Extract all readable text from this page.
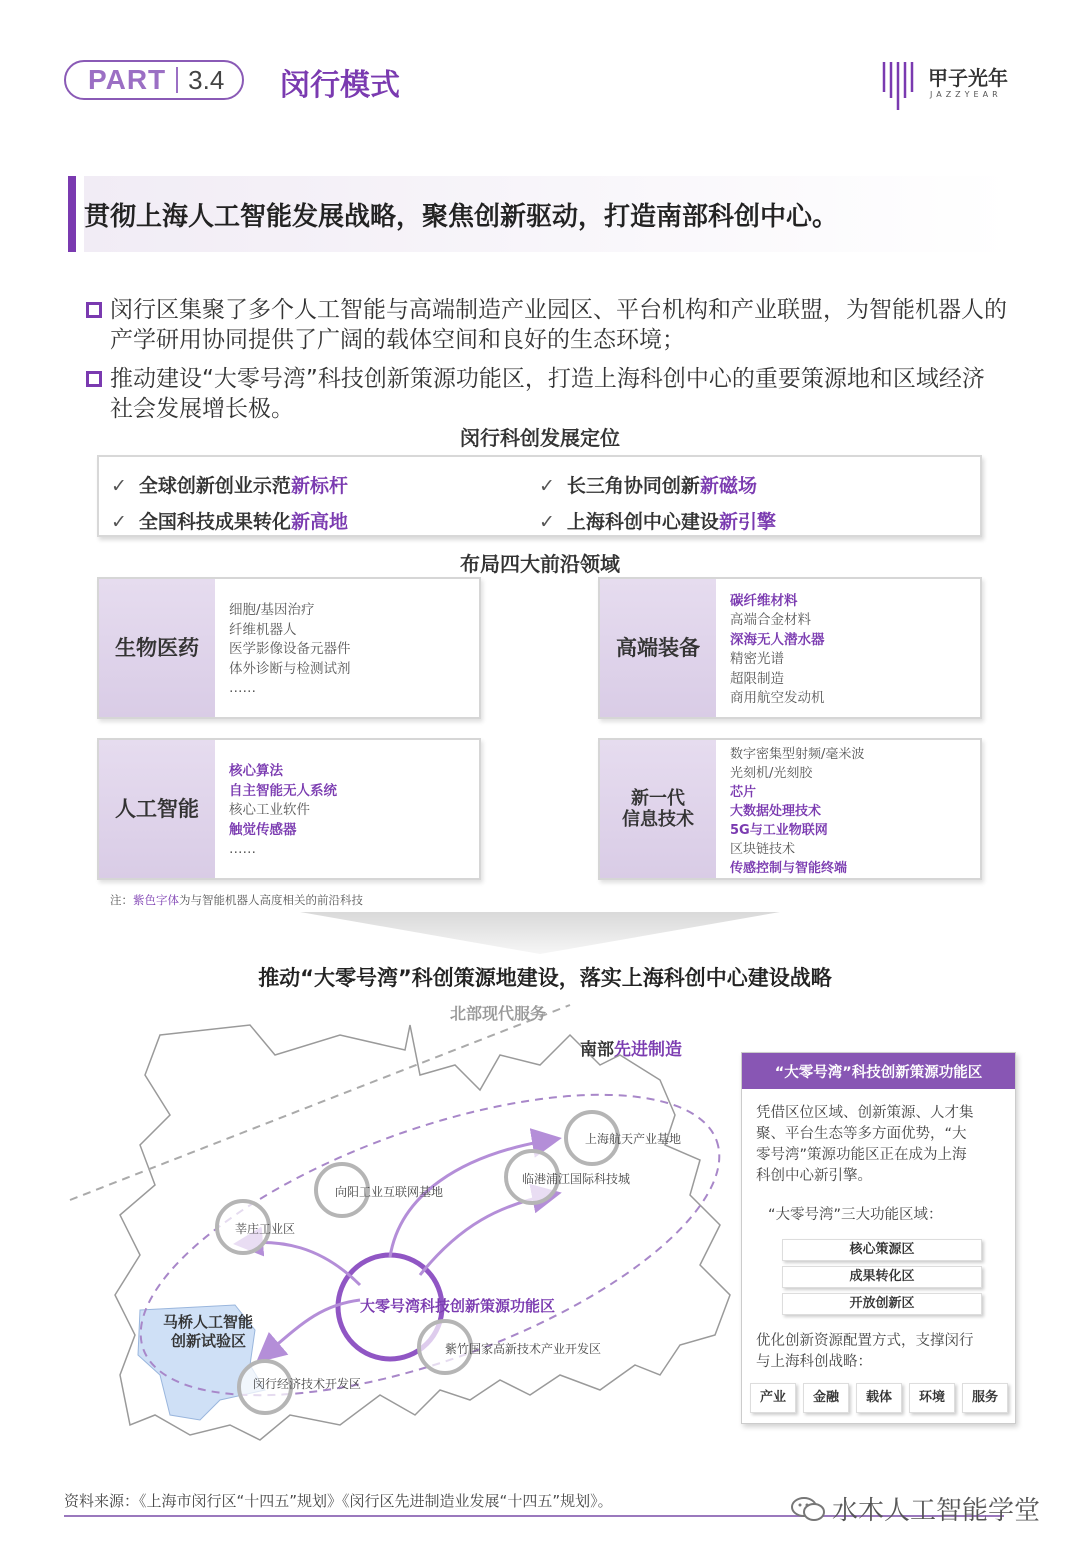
PART 3.4 闵行模式	甲子光年
JAZZYEAR
贯彻上海人工智能发展战略，聚焦创新驱动，打造南部科创中心。
闵行区集聚了多个人工智能与高端制造产业园区、平台机构和产业联盟，为智能机器人的
产学研用协同提供了广阔的载体空间和良好的生态环境；
推动建设“大零号湾”科技创新策源功能区，打造上海科创中心的重要策源地和区域经济
社会发展增长极。
闵行科创发展定位
✓ 全球创新创业示范新标杆	✓ 长三角协同创新新磁场
✓ 全国科技成果转化新高地	✓ 上海科创中心建设新引擎
布局四大前沿领域
生物医药
细胞/基因治疗
纤维机器人
医学影像设备元器件
体外诊断与检测试剂
……
高端装备
碳纤维材料
高端合金材料
深海无人潜水器
精密光谱
超限制造
商用航空发动机
人工智能
核心算法
自主智能无人系统
核心工业软件
触觉传感器
……
新一代
信息技术
数字密集型射频/毫米波
光刻机/光刻胶
芯片
大数据处理技术
5G与工业物联网
区块链技术
传感控制与智能终端
注：紫色字体为与智能机器人高度相关的前沿科技
推动“大零号湾”科创策源地建设，落实上海科创中心建设战略
北部现代服务
南部先进制造
上海航天产业基地
临港浦江国际科技城
向阳工业互联网基地
莘庄工业区
紫竹国家高新技术产业开发区
闵行经济技术开发区
大零号湾科技创新策源功能区
马桥人工智能
创新试验区
“大零号湾”科技创新策源功能区
凭借区位区域、创新策源、人才集
聚、平台生态等多方面优势，“大
零号湾”策源功能区正在成为上海
科创中心新引擎。
“大零号湾”三大功能区域：
核心策源区
成果转化区
开放创新区
优化创新资源配置方式，支撑闵行
与上海科创战略：
产业	金融	载体	环境	服务
资料来源：《上海市闵行区“十四五”规划》《闵行区先进制造业发展“十四五”规划》。	水木人工智能学堂
